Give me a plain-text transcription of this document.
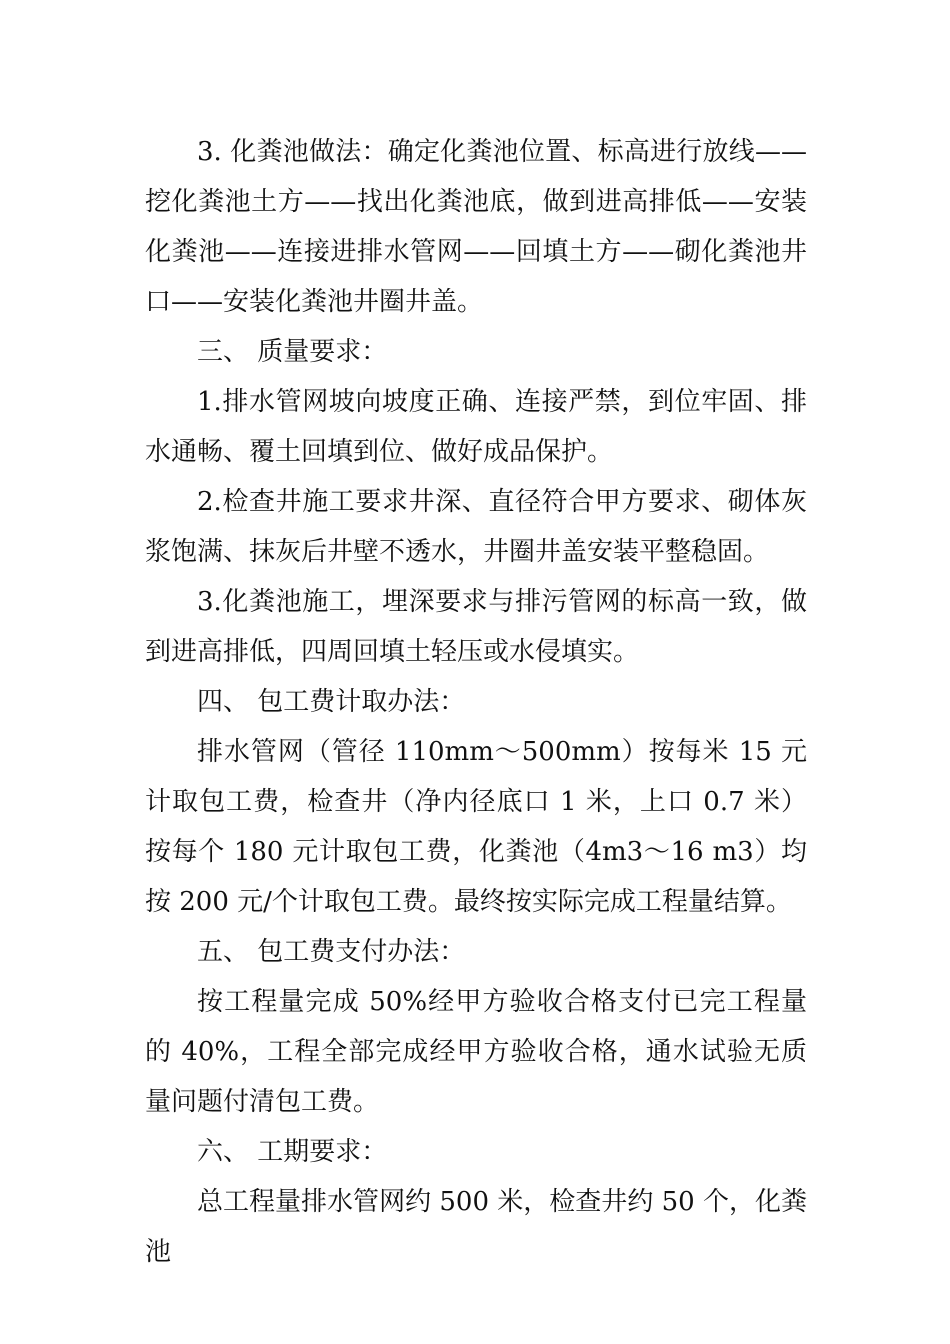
3. 化粪池做法：确定化粪池位置、标高进行放线——挖化粪池土方——找出化粪池底，做到进高排低——安装化粪池——连接进排水管网——回填土方——砌化粪池井口——安装化粪池井圈井盖。

三、 质量要求：

1.排水管网坡向坡度正确、连接严禁，到位牢固、排水通畅、覆土回填到位、做好成品保护。

2.检查井施工要求井深、直径符合甲方要求、砌体灰浆饱满、抹灰后井壁不透水，井圈井盖安装平整稳固。

3.化粪池施工，埋深要求与排污管网的标高一致，做到进高排低，四周回填土轻压或水侵填实。

四、 包工费计取办法：

排水管网（管径 110mm～500mm）按每米 15 元计取包工费，检查井（净内径底口 1 米，上口 0.7 米）按每个 180 元计取包工费，化粪池（4m3～16 m3）均按 200 元/个计取包工费。最终按实际完成工程量结算。

五、 包工费支付办法：

按工程量完成 50%经甲方验收合格支付已完工程量的 40%，工程全部完成经甲方验收合格，通水试验无质量问题付清包工费。

六、 工期要求：

总工程量排水管网约 500 米，检查井约 50 个，化粪池
